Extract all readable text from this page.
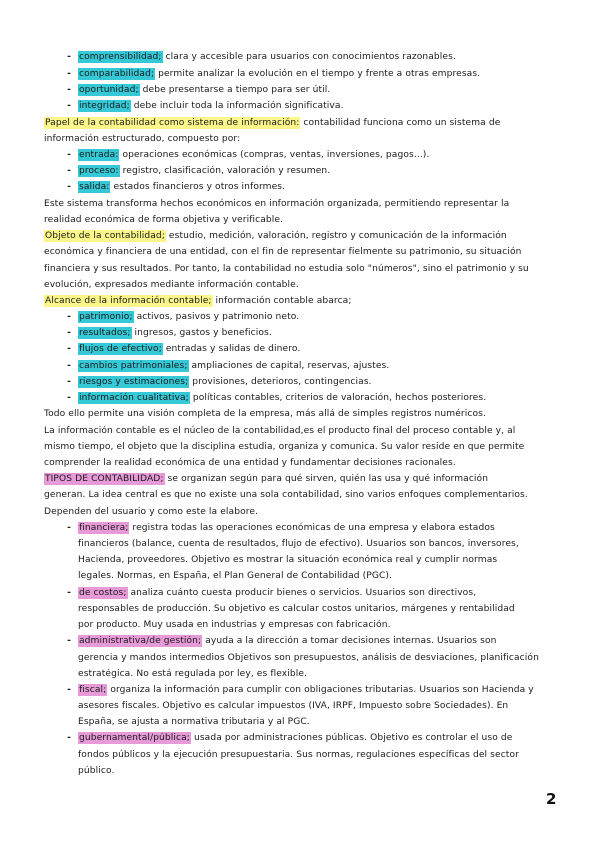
- comprensibilidad; clara y accesible para usuarios con conocimientos razonables.
- comparabilidad; permite analizar la evolución en el tiempo y frente a otras empresas.
- oportunidad; debe presentarse a tiempo para ser útil.
- integridad; debe incluir toda la información significativa.
Papel de la contabilidad como sistema de información: contabilidad funciona como un sistema de
información estructurado, compuesto por:
- entrada: operaciones económicas (compras, ventas, inversiones, pagos...).
- proceso: registro, clasificación, valoración y resumen.
- salida: estados financieros y otros informes.
Este sistema transforma hechos económicos en información organizada, permitiendo representar la
realidad económica de forma objetiva y verificable.
Objeto de la contabilidad; estudio, medición, valoración, registro y comunicación de la información
económica y financiera de una entidad, con el fin de representar fielmente su patrimonio, su situación
financiera y sus resultados. Por tanto, la contabilidad no estudia solo "números", sino el patrimonio y su
evolución, expresados mediante información contable.
Alcance de la información contable; información contable abarca;
- patrimonio; activos, pasivos y patrimonio neto.
- resultados; ingresos, gastos y beneficios.
- flujos de efectivo; entradas y salidas de dinero.
- cambios patrimoniales; ampliaciones de capital, reservas, ajustes.
- riesgos y estimaciones; provisiones, deterioros, contingencias.
- información cualitativa; políticas contables, criterios de valoración, hechos posteriores.
Todo ello permite una visión completa de la empresa, más allá de simples registros numéricos.
La información contable es el núcleo de la contabilidad,es el producto final del proceso contable y, al
mismo tiempo, el objeto que la disciplina estudia, organiza y comunica. Su valor reside en que permite
comprender la realidad económica de una entidad y fundamentar decisiones racionales.
TIPOS DE CONTABILIDAD; se organizan según para qué sirven, quién las usa y qué información
generan. La idea central es que no existe una sola contabilidad, sino varios enfoques complementarios.
Dependen del usuario y como este la elabore.
- financiera; registra todas las operaciones económicas de una empresa y elabora estados
financieros (balance, cuenta de resultados, flujo de efectivo). Usuarios son bancos, inversores,
Hacienda, proveedores. Objetivo es mostrar la situación económica real y cumplir normas
legales. Normas, en España, el Plan General de Contabilidad (PGC).
- de costos; analiza cuánto cuesta producir bienes o servicios. Usuarios son directivos,
responsables de producción. Su objetivo es calcular costos unitarios, márgenes y rentabilidad
por producto. Muy usada en industrias y empresas con fabricación.
- administrativa/de gestión; ayuda a la dirección a tomar decisiones internas. Usuarios son
gerencia y mandos intermedios Objetivos son presupuestos, análisis de desviaciones, planificación
estratégica. No está regulada por ley, es flexible.
- fiscal; organiza la información para cumplir con obligaciones tributarias. Usuarios son Hacienda y
asesores fiscales. Objetivo es calcular impuestos (IVA, IRPF, Impuesto sobre Sociedades). En
España, se ajusta a normativa tributaria y al PGC.
- gubernamental/pública; usada por administraciones públicas. Objetivo es controlar el uso de
fondos públicos y la ejecución presupuestaria. Sus normas, regulaciones específicas del sector
público.
2
